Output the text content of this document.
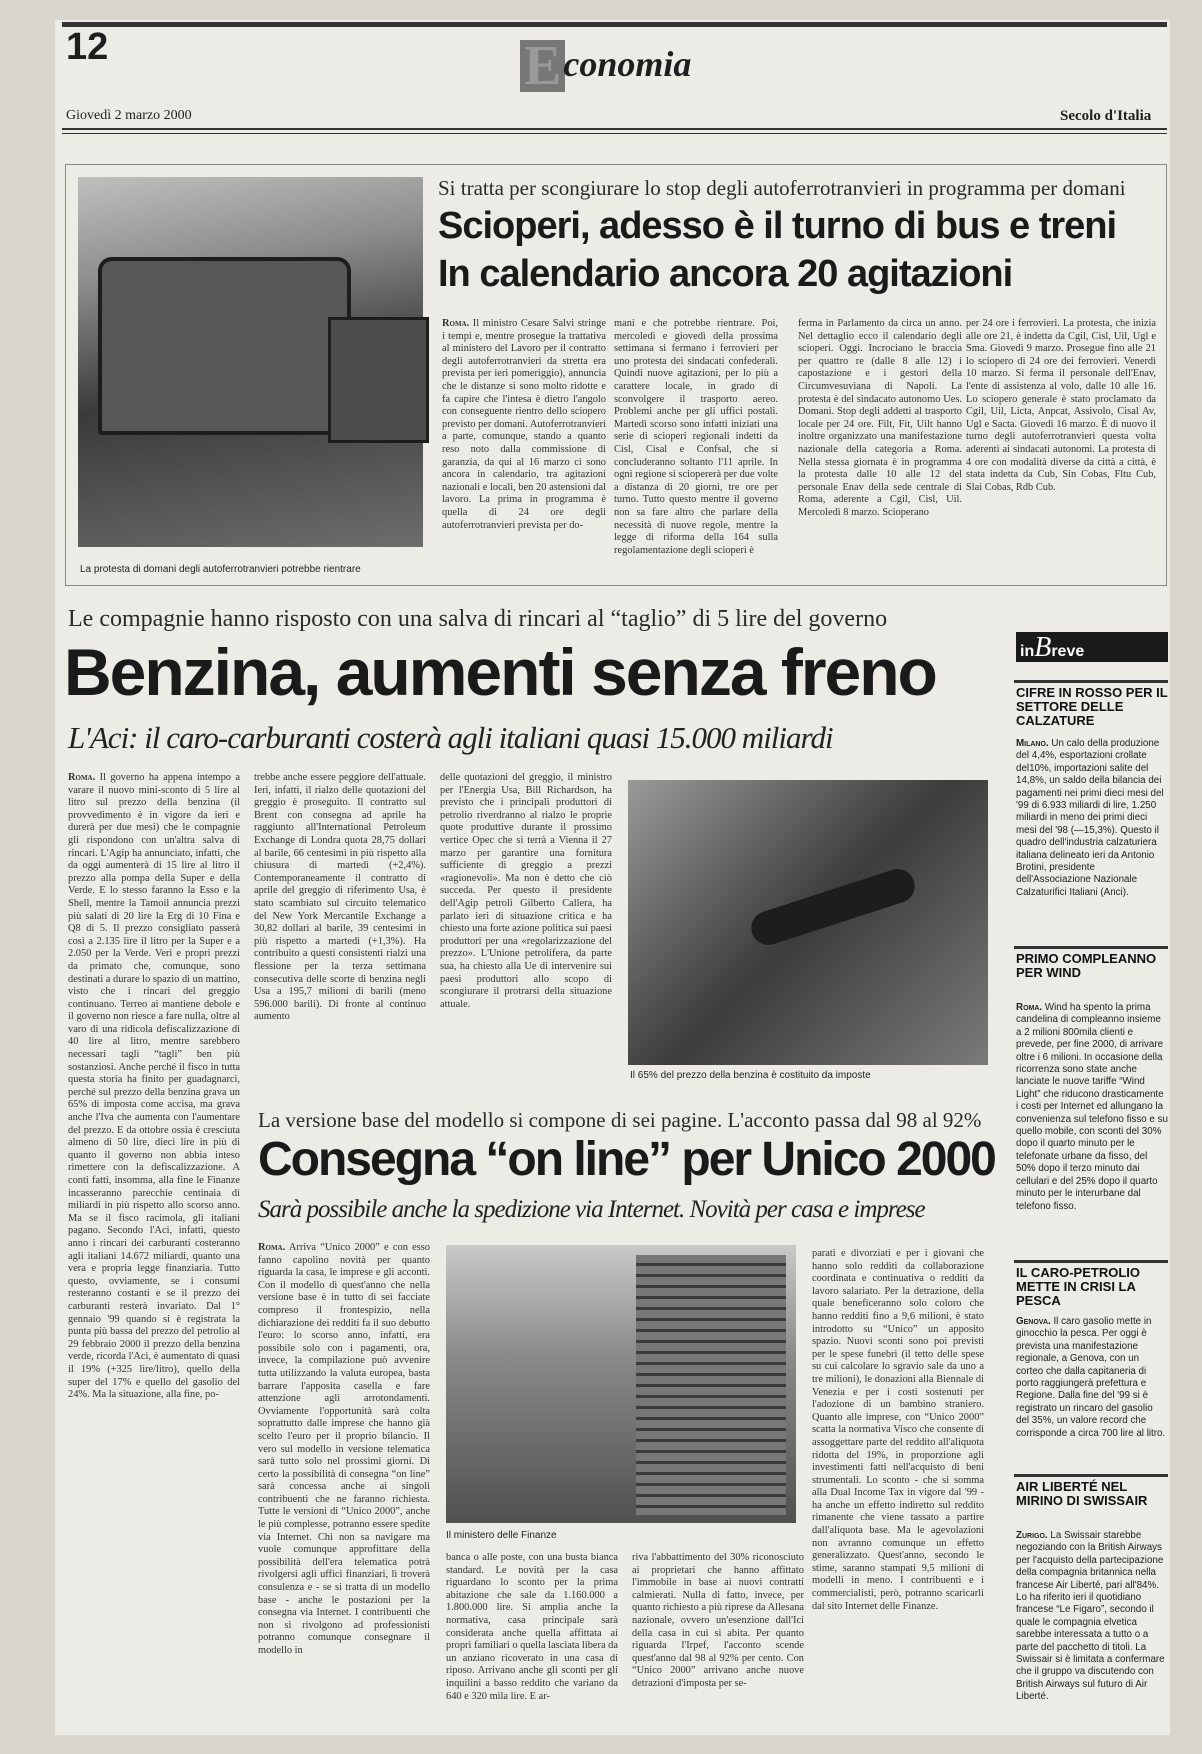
12	Economia
Giovedì 2 marzo 2000	Secolo d'Italia
La protesta di domani degli autoferrotranvieri potrebbe rientrare
Si tratta per scongiurare lo stop degli autoferrotranvieri in programma per domani
Scioperi, adesso è il turno di bus e treni
In calendario ancora 20 agitazioni
Roma. Il ministro Cesare Salvi stringe i tempi e, mentre prosegue la trattativa al ministero del Lavoro per il contratto degli autoferrotranvieri da stretta era prevista per ieri pomeriggio), annuncia che le distanze si sono molto ridotte e fa capire che l'intesa è dietro l'angolo con conseguente rientro dello sciopero previsto per domani. Autoferrotranvieri a parte, comunque, stando a quanto reso noto dalla commissione di garanzia, da qui al 16 marzo ci sono ancora in calendario, tra agitazioni nazionali e locali, ben 20 astensioni dal lavoro. La prima in programma è quella di 24 ore degli autoferrotranvieri prevista per do-
mani e che potrebbe rientrare. Poi, mercoledì e giovedì della prossima settimana si fermano i ferrovieri per uno protesta dei sindacati confederali. Quindi nuove agitazioni, per lo più a carattere locale, in grado di sconvolgere il trasporto aereo. Problemi anche per gli uffici postali. Martedì scorso sono infatti iniziati una serie di scioperi regionali indetti da Cisl, Cisal e Confsal, che si concluderanno soltanto l'11 aprile. In ogni regione si sciopererà per due volte a distanza di 20 giorni, tre ore per turno. Tutto questo mentre il governo non sa fare altro che parlare della necessità di nuove regole, mentre la legge di riforma della 164 sulla regolamentazione degli scioperi è
ferma in Parlamento da circa un anno. Nel dettaglio ecco il calendario degli scioperi. Oggi. Incrociano le braccia per quattro re (dalle 8 alle 12) i capostazione e i gestori della Circumvesuviana di Napoli. La protesta è del sindacato autonomo Ues. Domani. Stop degli addetti al trasporto locale per 24 ore. Filt, Fit, Uilt hanno inoltre organizzato una manifestazione nazionale della categoria a Roma. Nella stessa giornata è in programma la protesta dalle 10 alle 12 del personale Enav della sede centrale di Roma, aderente a Cgil, Cisl, Uil. Mercoledì 8 marzo. Scioperano
per 24 ore i ferrovieri. La protesta, che inizia alle ore 21, è indetta da Cgil, Cisl, Uil, Ugl e Sma. Giovedì 9 marzo. Prosegue fino alle 21 lo sciopero di 24 ore dei ferrovieri. Venerdì 10 marzo. Si ferma il personale dell'Enav, l'ente di assistenza al volo, dalle 10 alle 16. Lo sciopero generale è stato proclamato da Cgil, Uil, Licta, Anpcat, Assivolo, Cisal Av, Ugl e Sacta. Giovedì 16 marzo. È di nuovo il turno degli autoferrotranvieri questa volta aderenti ai sindacati autonomi. La protesta di 4 ore con modalità diverse da città a città, è stata indetta da Cub, Sin Cobas, Fltu Cub, Slai Cobas, Rdb Cub.
Le compagnie hanno risposto con una salva di rincari al “taglio” di 5 lire del governo
Benzina, aumenti senza freno
L'Aci: il caro-carburanti costerà agli italiani quasi 15.000 miliardi
Roma. Il governo ha appena intempo a varare il nuovo mini-sconto di 5 lire al litro sul prezzo della benzina (il provvedimento è in vigore da ieri e durerà per due mesi) che le compagnie gli rispondono con un'altra salva di rincari. L'Agip ha annunciato, infatti, che da oggi aumenterà di 15 lire al litro il prezzo alla pompa della Super e della Verde. E lo stesso faranno la Esso e la Shell, mentre la Tamoil annuncia prezzi più salati di 20 lire la Erg di 10 Fina e Q8 di 5. Il prezzo consigliato passerà così a 2.135 lire il litro per la Super e a 2.050 per la Verde. Veri e propri prezzi da primato che, comunque, sono destinati a durare lo spazio di un mattino, visto che i rincari del greggio continuano. Terreo ai mantiene debole e il governo non riesce a fare nulla, oltre al varo di una ridicola defiscalizzazione di 40 lire al litro, mentre sarebbero necessari tagli “tagli” ben più sostanziosi. Anche perché il fisco in tutta questa storia ha finito per guadagnarci, perché sul prezzo della benzina grava un 65% di imposta come accisa, ma grava anche l'Iva che aumenta con l'aumentare del prezzo. E da ottobre ossia è cresciuta almeno di 50 lire, dieci lire in più di quanto il governo non abbia inteso rimettere con la defiscalizzazione. A conti fatti, insomma, alla fine le Finanze incasseranno parecchie centinaia di miliardi in più rispetto allo scorso anno. Ma se il fisco racimola, gli italiani pagano. Secondo l'Aci, infatti, questo anno i rincari dei carburanti costeranno agli italiani 14.672 miliardi, quanto una vera e propria legge finanziaria. Tutto questo, ovviamente, se i consumi resteranno costanti e se il prezzo dei carburanti resterà invariato. Dal 1° gennaio '99 quando si è registrata la punta più bassa del prezzo del petrolio al 29 febbraio 2000 il prezzo della benzina verde, ricorda l'Aci, è aumentato di quasi il 19% (+325 lire/litro), quello della super del 17% e quello del gasolio del 24%. Ma la situazione, alla fine, po-
trebbe anche essere peggiore dell'attuale. Ieri, infatti, il rialzo delle quotazioni del greggio è proseguito. Il contratto sul Brent con consegna ad aprile ha raggiunto all'International Petroleum Exchange di Londra quota 28,75 dollari al barile, 66 centesimi in più rispetto alla chiusura di martedì (+2,4%). Contemporaneamente il contratto di aprile del greggio di riferimento Usa, è stato scambiato sul circuito telematico del New York Mercantile Exchange a 30,82 dollari al barile, 39 centesimi in più rispetto a martedì (+1,3%). Ha contribuito a questi consistenti rialzi una flessione per la terza settimana consecutiva delle scorte di benzina negli Usa a 195,7 milioni di barili (meno 596.000 barili). Di fronte al continuo aumento
delle quotazioni del greggio, il ministro per l'Energia Usa, Bill Richardson, ha previsto che i principali produttori di petrolio riverdranno al rialzo le proprie quote produttive durante il prossimo vertice Opec che si terrà a Vienna il 27 marzo per garantire una fornitura sufficiente di greggio a prezzi «ragionevoli». Ma non è detto che ciò succeda. Per questo il presidente dell'Agip petroli Gilberto Callera, ha parlato ieri di situazione critica e ha chiesto una forte azione politica sui paesi produttori per una «regolarizzazione del prezzo». L'Unione petrolifera, da parte sua, ha chiesto alla Ue di intervenire sui paesi produttori allo scopo di scongiurare il protrarsi della situazione attuale.
Il 65% del prezzo della benzina è costituito da imposte
La versione base del modello si compone di sei pagine. L'acconto passa dal 98 al 92%
Consegna “on line” per Unico 2000
Sarà possibile anche la spedizione via Internet. Novità per casa e imprese
Roma. Arriva “Unico 2000” e con esso fanno capolino novità per quanto riguarda la casa, le imprese e gli acconti. Con il modello di quest'anno che nella versione base è in tutto di sei facciate compreso il frontespizio, nella dichiarazione dei redditi fa il suo debutto l'euro: lo scorso anno, infatti, era possibile solo con i pagamenti, ora, invece, la compilazione può avvenire tutta utilizzando la valuta europea, basta barrare l'apposita casella e fare attenzione agli arrotondamenti. Ovviamente l'opportunità sarà colta soprattutto dalle imprese che hanno già scelto l'euro per il proprio bilancio. Il vero sul modello in versione telematica sarà tutto solo nel prossimi giorni. Di certo la possibilità di consegna “on line” sarà concessa anche ai singoli contribuenti che ne faranno richiesta. Tutte le versioni di “Unico 2000”, anche le più complesse, potranno essere spedite via Internet. Chi non sa navigare ma vuole comunque approfittare della possibilità dell'era telematica potrà rivolgersi agli uffici finanziari, lì troverà consulenza e - se si tratta di un modello base - anche le postazioni per la consegna via Internet. I contribuenti che non si rivolgono ad professionisti potranno comunque consegnare il modello in
Il ministero delle Finanze
banca o alle poste, con una busta bianca standard. Le novità per la casa riguardano lo sconto per la prima abitazione che sale da 1.160.000 a 1.800.000 lire. Si amplia anche la normativa, casa principale sarà considerata anche quella affittata ai propri familiari o quella lasciata libera da un anziano ricoverato in una casa di riposo. Arrivano anche gli sconti per gli inquilini a basso reddito che variano da 640 e 320 mila lire. E ar-
riva l'abbattimento del 30% riconosciuto ai proprietari che hanno affittato l'immobile in base ai nuovi contratti calmierati. Nulla di fatto, invece, per quanto richiesto a più riprese da Allesana nazionale, ovvero un'esenzione dall'Ici della casa in cui si abita. Per quanto riguarda l'Irpef, l'acconto scende quest'anno dal 98 al 92% per cento. Con “Unico 2000” arrivano anche nuove detrazioni d'imposta per se-
parati e divorziati e per i giovani che hanno solo redditi da collaborazione coordinata e continuativa o redditi da lavoro salariato. Per la detrazione, della quale beneficeranno solo coloro che hanno redditi fino a 9,6 milioni, è stato introdotto su “Unico” un apposito spazio. Nuovi sconti sono poi previsti per le spese funebri (il tetto delle spese su cui calcolare lo sgravio sale da uno a tre milioni), le donazioni alla Biennale di Venezia e per i costi sostenuti per l'adozione di un bambino straniero. Quanto alle imprese, con “Unico 2000” scatta la normativa Visco che consente di assoggettare parte del reddito all'aliquota ridotta del 19%, in proporzione agli investimenti fatti nell'acquisto di beni strumentali. Lo sconto - che si somma alla Dual Income Tax in vigore dal '99 - ha anche un effetto indiretto sul reddito rimanente che viene tassato a partire dall'aliquota base. Ma le agevolazioni non avranno comunque un effetto generalizzato. Quest'anno, secondo le stime, saranno stampati 9,5 milioni di modelli in meno. I contribuenti e i commercialisti, però, potranno scaricarli dal sito Internet delle Finanze.
inBreve
CIFRE IN ROSSO PER IL SETTORE DELLE CALZATURE
Milano. Un calo della produzione del 4,4%, esportazioni crollate del10%, importazioni salite del 14,8%, un saldo della bilancia dei pagamenti nei primi dieci mesi del '99 di 6.933 miliardi di lire, 1.250 miliardi in meno dei primi dieci mesi del '98 (—15,3%). Questo il quadro dell'industria calzaturiera italiana delineato ieri da Antonio Brotini, presidente dell'Associazione Nazionale Calzaturifici Italiani (Anci).
PRIMO COMPLEANNO PER WIND
Roma. Wind ha spento la prima candelina di compleanno insieme a 2 milioni 800mila clienti e prevede, per fine 2000, di arrivare oltre i 6 milioni. In occasione della ricorrenza sono state anche lanciate le nuove tariffe “Wind Light” che riducono drasticamente i costi per Internet ed allungano la convenienza sul telefono fisso e su quello mobile, con sconti del 30% dopo il quarto minuto per le telefonate urbane da fisso, del 50% dopo il terzo minuto dai cellulari e del 25% dopo il quarto minuto per le interurbane dal telefono fisso.
IL CARO-PETROLIO METTE IN CRISI LA PESCA
Genova. Il caro gasolio mette in ginocchio la pesca. Per oggi è prevista una manifestazione regionale, a Genova, con un corteo che dalla capitaneria di porto raggiungerà prefettura e Regione. Dalla fine del '99 si è registrato un rincaro del gasolio del 35%, un valore record che corrisponde a circa 700 lire al litro.
AIR LIBERTÉ NEL MIRINO DI SWISSAIR
Zurigo. La Swissair starebbe negoziando con la British Airways per l'acquisto della partecipazione della compagnia britannica nella francese Air Liberté, pari all'84%. Lo ha riferito ieri il quotidiano francese “Le Figaro”, secondo il quale le compagnia elvetica sarebbe interessata a tutto o a parte del pacchetto di titoli. La Swissair si è limitata a confermare che il gruppo va discutendo con British Airways sul futuro di Air Liberté.
